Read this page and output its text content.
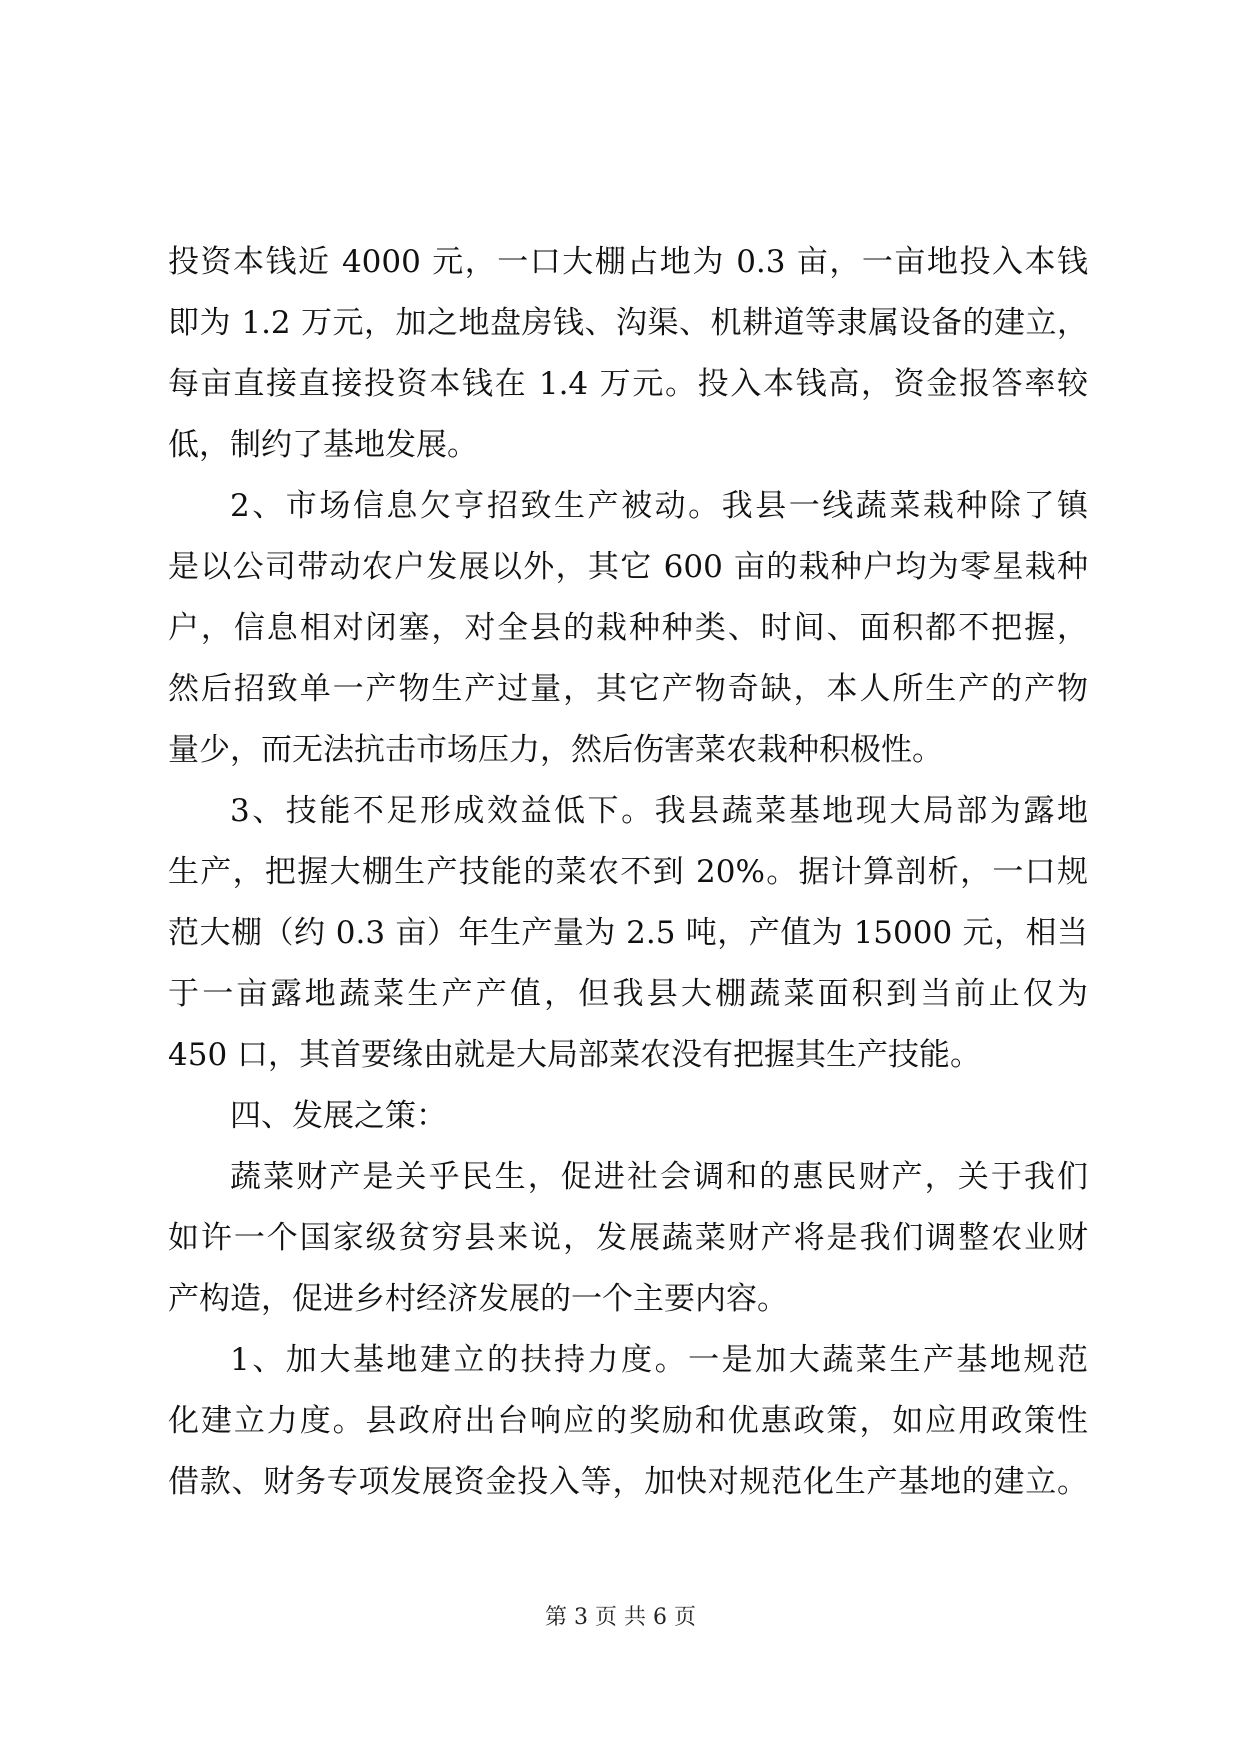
投资本钱近 4000 元，一口大棚占地为 0.3 亩，一亩地投入本钱
即为 1.2 万元，加之地盘房钱、沟渠、机耕道等隶属设备的建立，
每亩直接直接投资本钱在 1.4 万元。投入本钱高，资金报答率较
低，制约了基地发展。
2、市场信息欠亨招致生产被动。我县一线蔬菜栽种除了镇
是以公司带动农户发展以外，其它 600 亩的栽种户均为零星栽种
户，信息相对闭塞，对全县的栽种种类、时间、面积都不把握，
然后招致单一产物生产过量，其它产物奇缺，本人所生产的产物
量少，而无法抗击市场压力，然后伤害菜农栽种积极性。
3、技能不足形成效益低下。我县蔬菜基地现大局部为露地
生产，把握大棚生产技能的菜农不到 20%。据计算剖析，一口规
范大棚（约 0.3 亩）年生产量为 2.5 吨，产值为 15000 元，相当
于一亩露地蔬菜生产产值，但我县大棚蔬菜面积到当前止仅为
450 口，其首要缘由就是大局部菜农没有把握其生产技能。
四、发展之策：
蔬菜财产是关乎民生，促进社会调和的惠民财产，关于我们
如许一个国家级贫穷县来说，发展蔬菜财产将是我们调整农业财
产构造，促进乡村经济发展的一个主要内容。
1、加大基地建立的扶持力度。一是加大蔬菜生产基地规范
化建立力度。县政府出台响应的奖励和优惠政策，如应用政策性
借款、财务专项发展资金投入等，加快对规范化生产基地的建立。
第 3 页 共 6 页
